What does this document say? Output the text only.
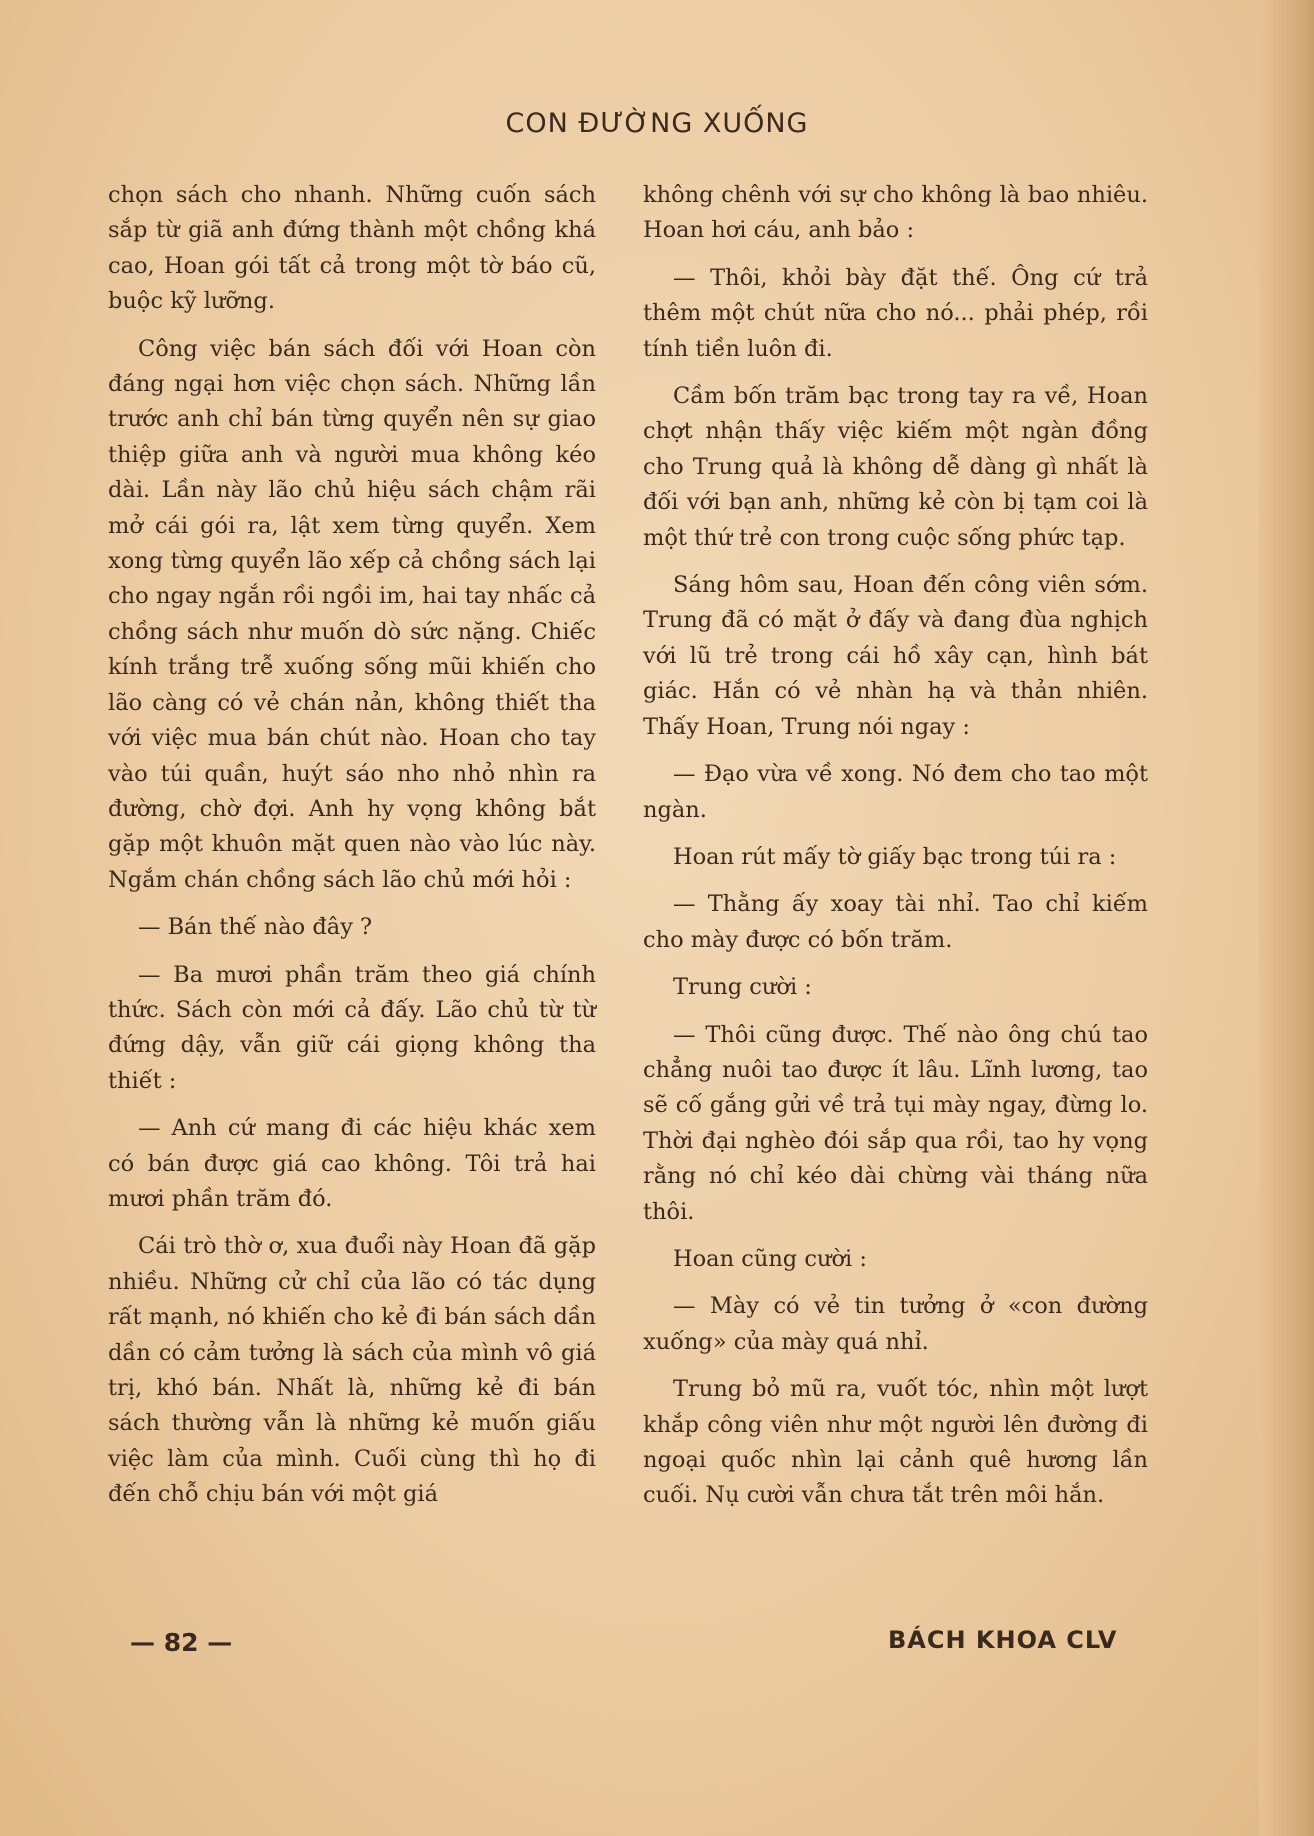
CON ĐƯỜNG XUỐNG

chọn sách cho nhanh. Những cuốn sách sắp từ giã anh đứng thành một chồng khá cao, Hoan gói tất cả trong một tờ báo cũ, buộc kỹ lưỡng.

Công việc bán sách đối với Hoan còn đáng ngại hơn việc chọn sách. Những lần trước anh chỉ bán từng quyển nên sự giao thiệp giữa anh và người mua không kéo dài. Lần này lão chủ hiệu sách chậm rãi mở cái gói ra, lật xem từng quyển. Xem xong từng quyển lão xếp cả chồng sách lại cho ngay ngắn rồi ngồi im, hai tay nhấc cả chồng sách như muốn dò sức nặng. Chiếc kính trắng trễ xuống sống mũi khiến cho lão càng có vẻ chán nản, không thiết tha với việc mua bán chút nào. Hoan cho tay vào túi quần, huýt sáo nho nhỏ nhìn ra đường, chờ đợi. Anh hy vọng không bắt gặp một khuôn mặt quen nào vào lúc này. Ngắm chán chồng sách lão chủ mới hỏi :

— Bán thế nào đây ?

— Ba mươi phần trăm theo giá chính thức. Sách còn mới cả đấy. Lão chủ từ từ đứng dậy, vẫn giữ cái giọng không tha thiết :

— Anh cứ mang đi các hiệu khác xem có bán được giá cao không. Tôi trả hai mươi phần trăm đó.

Cái trò thờ ơ, xua đuổi này Hoan đã gặp nhiều. Những cử chỉ của lão có tác dụng rất mạnh, nó khiến cho kẻ đi bán sách dần dần có cảm tưởng là sách của mình vô giá trị, khó bán. Nhất là, những kẻ đi bán sách thường vẫn là những kẻ muốn giấu việc làm của mình. Cuối cùng thì họ đi đến chỗ chịu bán với một giá

không chênh với sự cho không là bao nhiêu. Hoan hơi cáu, anh bảo :

— Thôi, khỏi bày đặt thế. Ông cứ trả thêm một chút nữa cho nó... phải phép, rồi tính tiền luôn đi.

Cầm bốn trăm bạc trong tay ra về, Hoan chợt nhận thấy việc kiếm một ngàn đồng cho Trung quả là không dễ dàng gì nhất là đối với bạn anh, những kẻ còn bị tạm coi là một thứ trẻ con trong cuộc sống phức tạp.

Sáng hôm sau, Hoan đến công viên sớm. Trung đã có mặt ở đấy và đang đùa nghịch với lũ trẻ trong cái hồ xây cạn, hình bát giác. Hắn có vẻ nhàn hạ và thản nhiên. Thấy Hoan, Trung nói ngay :

— Đạo vừa về xong. Nó đem cho tao một ngàn.

Hoan rút mấy tờ giấy bạc trong túi ra :

— Thằng ấy xoay tài nhỉ. Tao chỉ kiếm cho mày được có bốn trăm.

Trung cười :

— Thôi cũng được. Thế nào ông chú tao chẳng nuôi tao được ít lâu. Lĩnh lương, tao sẽ cố gắng gửi về trả tụi mày ngay, đừng lo. Thời đại nghèo đói sắp qua rồi, tao hy vọng rằng nó chỉ kéo dài chừng vài tháng nữa thôi.

Hoan cũng cười :

— Mày có vẻ tin tưởng ở «con đường xuống» của mày quá nhỉ.

Trung bỏ mũ ra, vuốt tóc, nhìn một lượt khắp công viên như một người lên đường đi ngoại quốc nhìn lại cảnh quê hương lần cuối. Nụ cười vẫn chưa tắt trên môi hắn.

— 82 —	BÁCH KHOA CLV
